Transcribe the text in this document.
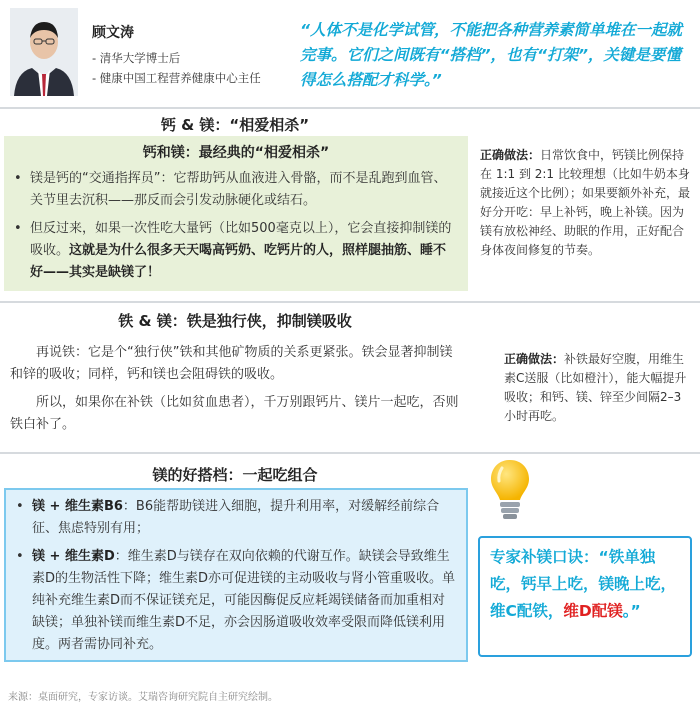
顾文涛
- 清华大学博士后
- 健康中国工程营养健康中心主任
“人体不是化学试管，不能把各种营养素简单堆在一起就完事。它们之间既有“搭档”，也有“打架”，关键是要懂得怎么搭配才科学。”
钙 & 镁：“相爱相杀”
钙和镁：最经典的“相爱相杀”
• 镁是钙的“交通指挥员”：它帮助钙从血液进入骨骼，而不是乱跑到血管、关节里去沉积——那反而会引发动脉硬化或结石。
• 但反过来，如果一次性吃大量钙（比如500毫克以上），它会直接抑制镁的吸收。这就是为什么很多天天喝高钙奶、吃钙片的人，照样腿抽筋、睡不好——其实是缺镁了！
正确做法：日常饮食中，钙镁比例保持在 1:1 到 2:1 比较理想（比如牛奶本身就接近这个比例）；如果要额外补充，最好分开吃：早上补钙，晚上补镁。因为镁有放松神经、助眠的作用，正好配合身体夜间修复的节奏。
铁 & 镁：铁是独行侠，抑制镁吸收
再说铁：它是个“独行侠”铁和其他矿物质的关系更紧张。铁会显著抑制镁和锌的吸收；同样，钙和镁也会阻碍铁的吸收。
所以，如果你在补铁（比如贫血患者），千万别跟钙片、镁片一起吃，否则铁白补了。
正确做法：补铁最好空腹，用维生素C送服（比如橙汁），能大幅提升吸收；和钙、镁、锌至少间隔2–3小时再吃。
镁的好搭档：一起吃组合
• 镁 + 维生素B6：B6能帮助镁进入细胞，提升利用率，对缓解经前综合征、焦虑特别有用；
• 镁 + 维生素D：维生素D与镁存在双向依赖的代谢互作。缺镁会导致维生素D的生物活性下降；维生素D亦可促进镁的主动吸收与肾小管重吸收。单纯补充维生素D而不保证镁充足，可能因酶促反应耗竭镁储备而加重相对缺镁；单独补镁而维生素D不足，亦会因肠道吸收效率受限而降低镁利用度。两者需协同补充。
专家补镁口诀：“铁单独吃，钙早上吃，镁晚上吃，维C配铁，维D配镁。”
来源：桌面研究，专家访谈。艾瑞咨询研究院自主研究绘制。
